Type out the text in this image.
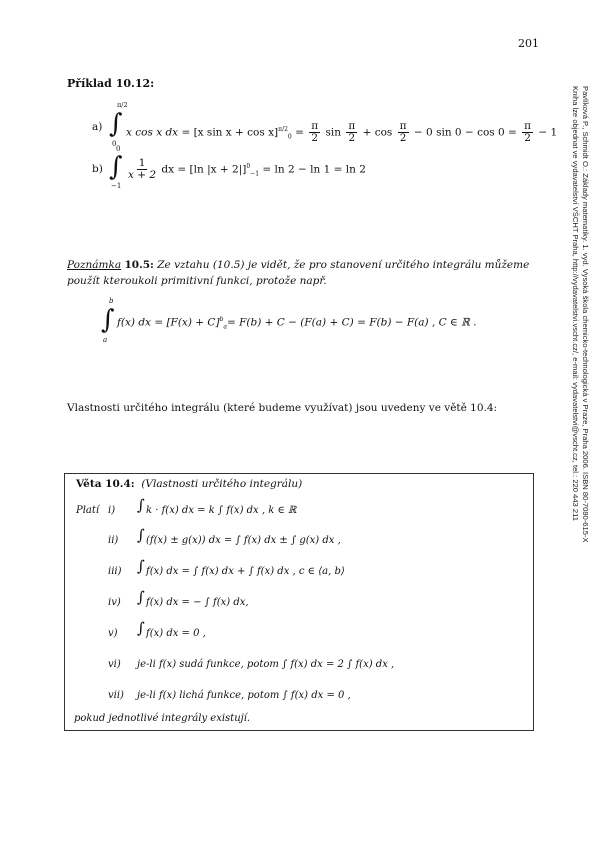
201
Pavlíková P., Schmidt O.: Základy matematiky. 1. vyd. Vysoká škola chemicko-technologická v Praze, Praha 2006. ISBN 80-7080-615-X
Kniha lze objednat ve vydavatelství VŠCHT Praha, http://vydavatelstvi.vscht.cz/, e-mail: vydavatelstvi@vscht.cz, tel.: 220 443 211
Příklad 10.12:
a) ∫
π/2
0
x cos x dx = [x $\sin x + \cos x]^{\pi/2}_0 = \frac{\pi}{2}$ $\sin \frac{\pi}{2} + \cos \frac{\pi}{2} - 0$ $\sin 0 - \cos 0 = \frac{\pi}{2} - 1$
b) ∫
0
−1
$\frac{1}{x + 2}$ dx = [ln |x + 2|]$^0_{-1}$ = ln 2 − ln 1 = ln 2
Poznámka 10.5: Ze vztahu (10.5) je vidět, že pro stanovení určitého integrálu můžeme použít kteroukoli primitivní funkci, protože např.
∫
b
a
f(x) dx = $[F(x) + C]^b_a= F(b) + C - (F(a) + C) = F(b) - F(a)$ , C ∈ ℝ .
Vlastnosti určitého integrálu (které budeme využívat) jsou uvedeny ve větě 10.4:
Věta 10.4: (Vlastnosti určitého integrálu)
Platí i) ∫ k · f(x) dx = k ∫ f(x) dx , k ∈ ℝ
ii) ∫ (f(x) ± g(x)) dx = ∫ f(x) dx ± ∫ g(x) dx ,
iii) ∫ f(x) dx = ∫ f(x) dx + ∫ f(x) dx , c ∈ ⟨a, b⟩
iv) ∫ f(x) dx = − ∫ f(x) dx,
v) ∫ f(x) dx = 0 ,
vi) je-li f(x) sudá funkce, potom ∫ f(x) dx = 2 ∫ f(x) dx ,
vii) je-li f(x) lichá funkce, potom ∫ f(x) dx = 0 ,
pokud jednotlivé integrály existují.
